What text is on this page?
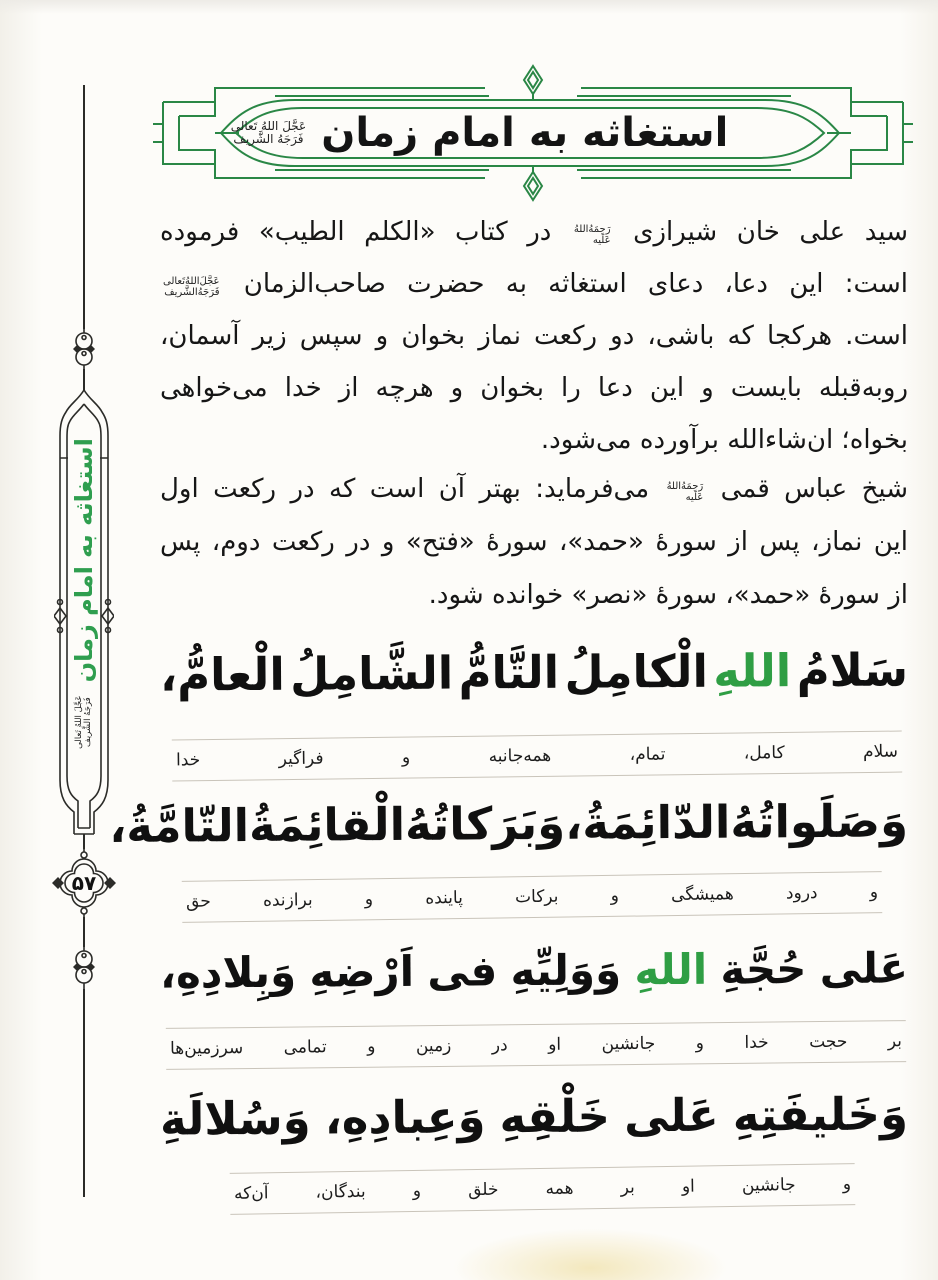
استغاثه به امام زمان
عَجَّلَ اللهُ تَعالی فَرَجَهُ الشَّریف
۵۷
استغاثه به امام زمان
عَجَّلَ اللهُ تَعالی
فَرَجَهُ الشَّریف
سید علی خان شیرازی
رَحِمَهُ‌اللهُ
عَلَیه
در کتاب «الکلم الطیب» فرموده
است: این دعا، دعای استغاثه به حضرت صاحب‌الزمان
عَجَّلَ‌اللهُ‌تَعالی
فَرَجَهُ‌الشَّریف
است. هرکجا که باشی، دو رکعت نماز بخوان و سپس زیر آسمان،
روبه‌قبله بایست و این دعا را بخوان و هرچه از خدا می‌خواهی
بخواه؛ ان‌شاءالله برآورده می‌شود.
شیخ عباس قمی
رَحِمَهُ‌اللهُ
عَلَیه
می‌فرماید: بهتر آن است که در رکعت اول
این نماز، پس از سورهٔ «حمد»، سورهٔ «فتح» و در رکعت دوم، پس
از سورهٔ «حمد»، سورهٔ «نصر» خوانده شود.
سَلامُ
اللهِ
الْکامِلُ
التَّامُّ
الشَّامِلُ
الْعامُّ،
سلام
کامل،
تمام،
همه‌جانبه
و
فراگیر
خدا
وَصَلَواتُهُ
الدّائِمَةُ،
وَبَرَکاتُهُ
الْقائِمَةُ
التّامَّةُ،
و
درود
همیشگی
و
برکات
پاینده
و
برازنده
حق
عَلی
حُجَّةِ
اللهِ
وَوَلِیِّهِ
فی
اَرْضِهِ
وَبِلادِهِ،
بر
حجت
خدا
و
جانشین
او
در
زمین
و
تمامی
سرزمین‌ها
وَخَلیفَتِهِ
عَلی
خَلْقِهِ
وَعِبادِهِ،
وَسُلالَةِ
و
جانشین
او
بر
همه
خلق
و
بندگان،
آن‌که
